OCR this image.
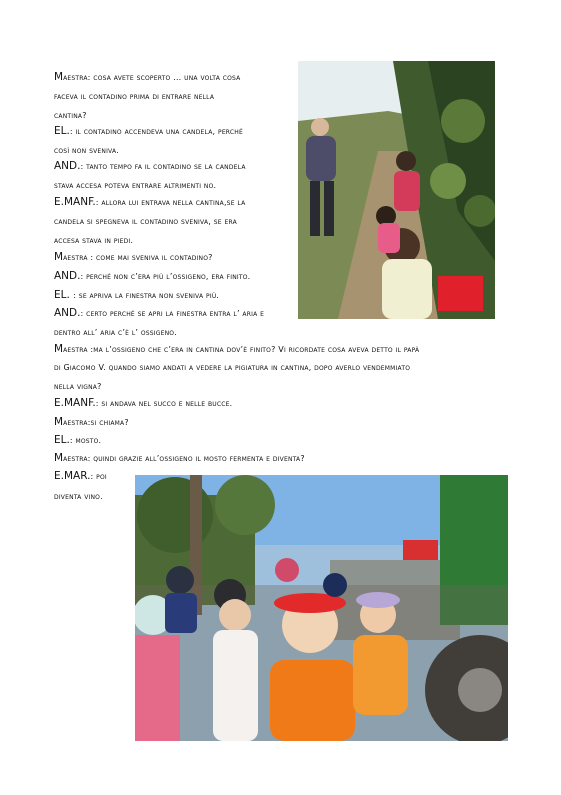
Maestra: cosa avete scoperto … una volta cosa

faceva il contadino prima di entrare nella

cantina?

EL.: il contadino accendeva una candela, perché

così non sveniva.

AND.: tanto tempo fa il contadino se la candela

stava accesa poteva entrare altrimenti no.

E.MANF.: allora lui entrava nella cantina,se la

candela si spegneva il contadino sveniva, se era

accesa stava in piedi.

Maestra : come mai sveniva il contadino?

AND.: perché non c’era più l’ossigeno, era finito.

EL. : se apriva la finestra non sveniva più.

AND.: certo perché se apri la finestra entra l’ aria e

dentro all’ aria c’è l’ ossigeno.

Maestra :ma l’ossigeno che c’era in cantina dov’è finito? Vi ricordate cosa aveva detto il papà

di Giacomo V. quando siamo andati a vedere la pigiatura in cantina, dopo averlo vendemmiato

nella vigna?

E.MANF.: si andava nel succo e nelle bucce.

Maestra:si chiama?

EL.: mosto.

Maestra: quindi grazie all’ossigeno il mosto fermenta e diventa?

E.MAR.: poi

diventa vino.
